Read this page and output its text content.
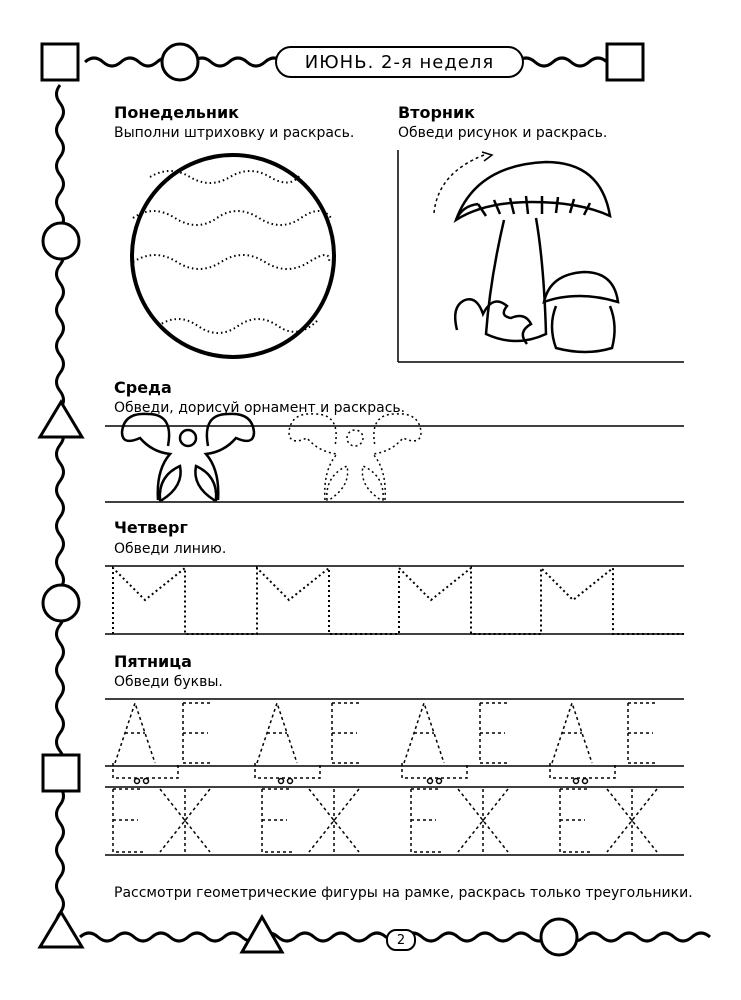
ИЮНЬ. 2-я неделя
Понедельник
Выполни штриховку и раскрась.
Вторник
Обведи рисунок и раскрась.
Среда
Обведи, дорисуй орнамент и раскрась.
Четверг
Обведи линию.
Пятница
Обведи буквы.
Рассмотри геометрические фигуры на рамке, раскрась только треугольники.
2
